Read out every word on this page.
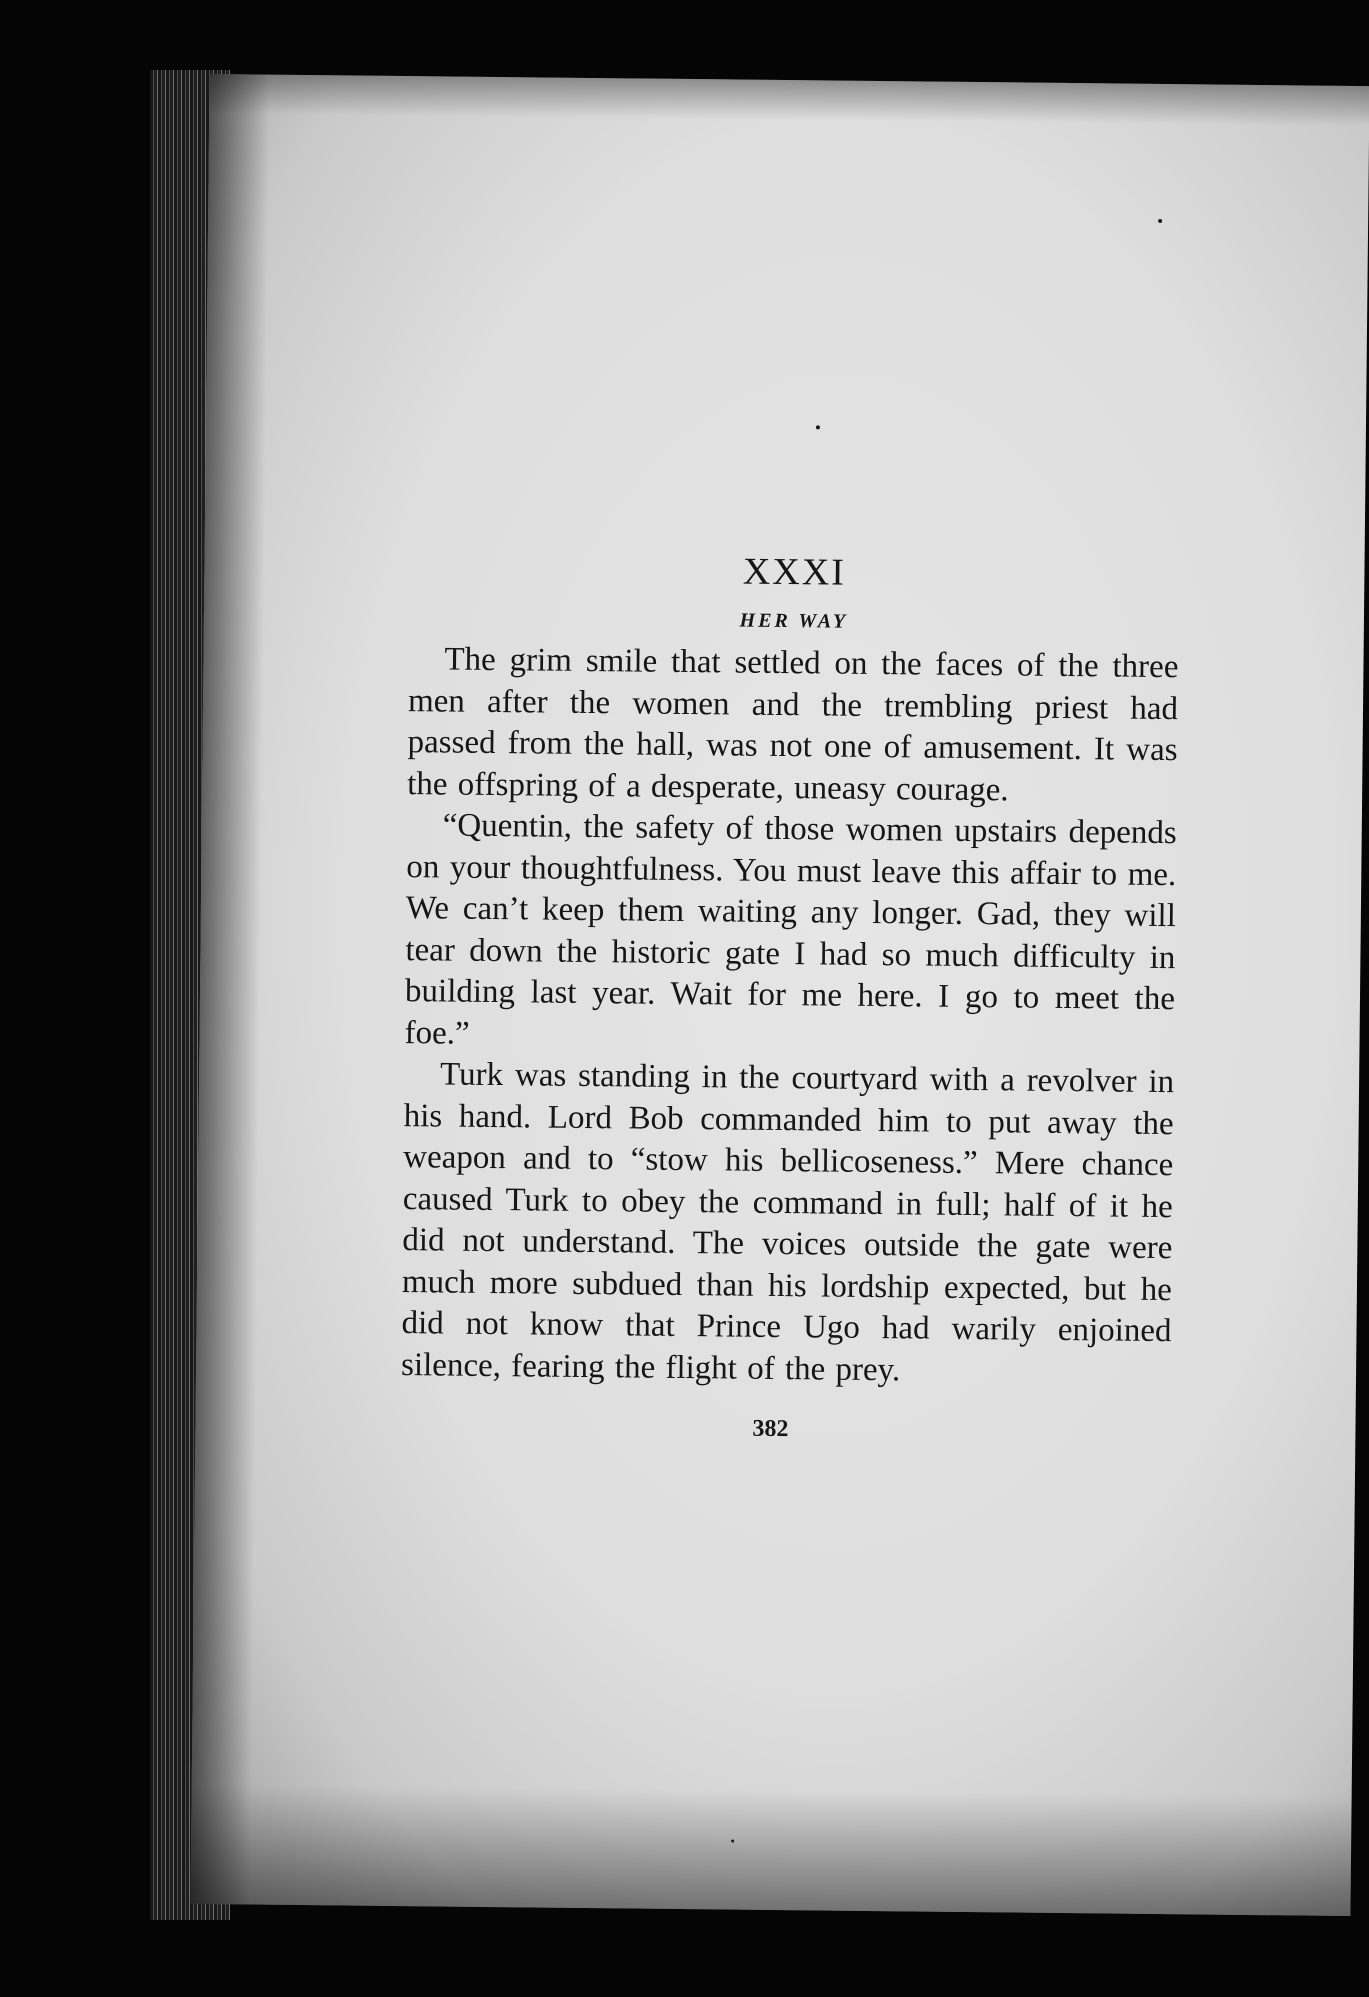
XXXI
HER WAY

The grim smile that settled on the faces of the three men after the women and the trembling priest had passed from the hall, was not one of amusement. It was the offspring of a desperate, uneasy courage.

“Quentin, the safety of those women upstairs depends on your thoughtfulness. You must leave this affair to me. We can’t keep them waiting any longer. Gad, they will tear down the historic gate I had so much difficulty in building last year. Wait for me here. I go to meet the foe.”

Turk was standing in the courtyard with a revolver in his hand. Lord Bob commanded him to put away the weapon and to “stow his bellicoseness.” Mere chance caused Turk to obey the command in full; half of it he did not understand. The voices outside the gate were much more subdued than his lordship expected, but he did not know that Prince Ugo had warily enjoined silence, fearing the flight of the prey.

382
